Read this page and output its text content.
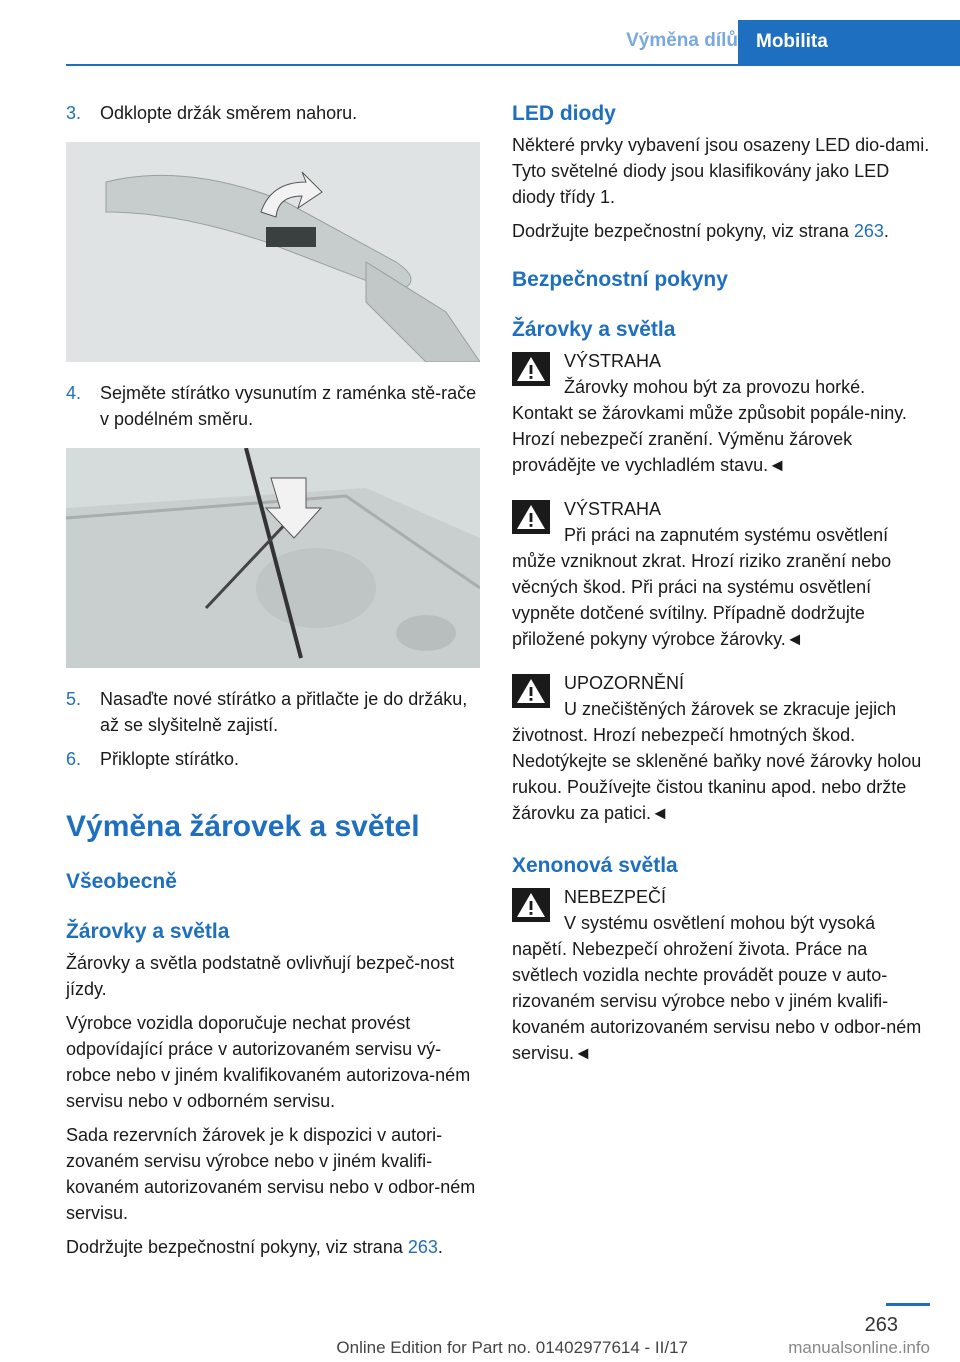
Výměna dílů Mobilita
3.	Odklopte držák směrem nahoru.
4.	Sejměte stírátko vysunutím z raménka stě‐rače v podélném směru.
5.	Nasaďte nové stírátko a přitlačte je do držáku, až se slyšitelně zajistí.
6.	Přiklopte stírátko.
Výměna žárovek a světel
Všeobecně
Žárovky a světla

Žárovky a světla podstatně ovlivňují bezpeč‐nost jízdy.

Výrobce vozidla doporučuje nechat provést odpovídající práce v autorizovaném servisu vý‐robce nebo v jiném kvalifikovaném autorizova‐ném servisu nebo v odborném servisu.

Sada rezervních žárovek je k dispozici v autori‐zovaném servisu výrobce nebo v jiném kvalifi‐kovaném autorizovaném servisu nebo v odbor‐ném servisu.

Dodržujte bezpečnostní pokyny, viz strana 263.

LED diody

Některé prvky vybavení jsou osazeny LED dio‐dami. Tyto světelné diody jsou klasifikovány jako LED diody třídy 1.

Dodržujte bezpečnostní pokyny, viz strana 263.

Bezpečnostní pokyny
Žárovky a světla

VÝSTRAHA

Žárovky mohou být za provozu horké.

Kontakt se žárovkami může způsobit popále‐niny. Hrozí nebezpečí zranění. Výměnu žárovek provádějte ve vychladlém stavu.◄

VÝSTRAHA

Při práci na zapnutém systému osvětlení

může vzniknout zkrat. Hrozí riziko zranění nebo věcných škod. Při práci na systému osvětlení vypněte dotčené svítilny. Případně dodržujte přiložené pokyny výrobce žárovky.◄

UPOZORNĚNÍ

U znečištěných žárovek se zkracuje jejich

životnost. Hrozí nebezpečí hmotných škod. Nedotýkejte se skleněné baňky nové žárovky holou rukou. Používejte čistou tkaninu apod. nebo držte žárovku za patici.◄

Xenonová světla

NEBEZPEČÍ

V systému osvětlení mohou být vysoká

napětí. Nebezpečí ohrožení života. Práce na světlech vozidla nechte provádět pouze v auto‐rizovaném servisu výrobce nebo v jiném kvalifi‐kovaném autorizovaném servisu nebo v odbor‐ném servisu.◄

263
Online Edition for Part no. 01402977614 - II/17	manualsonline.info
